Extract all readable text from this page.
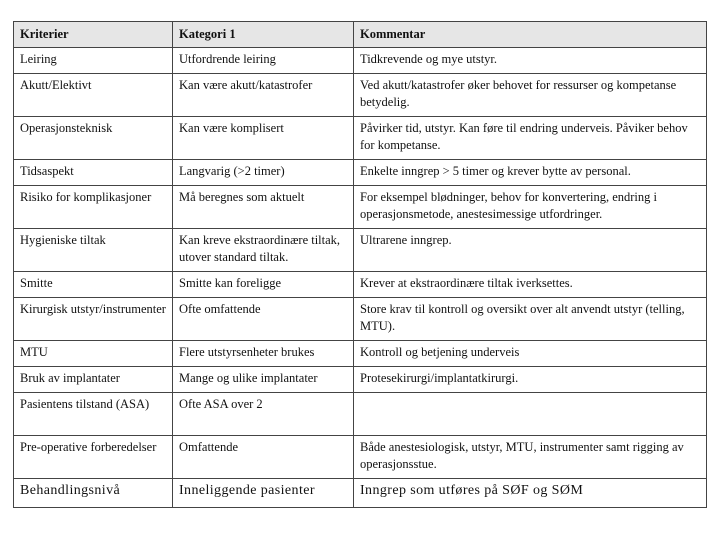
Kriterier	Kategori 1	Kommentar
Leiring	Utfordrende leiring	Tidkrevende og mye utstyr.
Akutt/Elektivt	Kan være akutt/katastrofer	Ved akutt/katastrofer øker behovet for ressurser og kompetanse betydelig.
Operasjonsteknisk	Kan være komplisert	Påvirker tid, utstyr. Kan føre til endring underveis. Påviker behov for kompetanse.
Tidsaspekt	Langvarig (>2 timer)	Enkelte inngrep > 5 timer og krever bytte av personal.
Risiko for komplikasjoner	Må beregnes som aktuelt	For eksempel blødninger, behov for konvertering, endring i operasjonsmetode, anestesimessige utfordringer.
Hygieniske tiltak	Kan kreve ekstraordinære tiltak, utover standard tiltak.	Ultrarene inngrep.
Smitte	Smitte kan foreligge	Krever at ekstraordinære tiltak iverksettes.
Kirurgisk utstyr/instrumenter	Ofte omfattende	Store krav til kontroll og oversikt over alt anvendt utstyr (telling, MTU).
MTU	Flere utstyrsenheter brukes	Kontroll og betjening underveis
Bruk av implantater	Mange og ulike implantater	Protesekirurgi/implantatkirurgi.
Pasientens tilstand (ASA)	Ofte ASA over 2	
Pre-operative forberedelser	Omfattende	Både anestesiologisk, utstyr, MTU, instrumenter samt rigging av operasjonsstue.
Behandlingsnivå	Inneliggende pasienter	Inngrep som utføres på SØF og SØM
